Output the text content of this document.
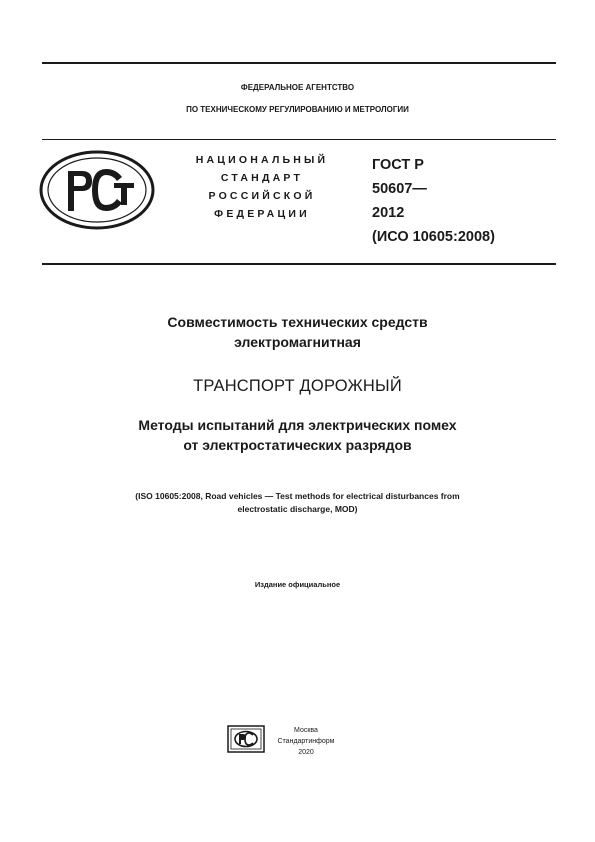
ФЕДЕРАЛЬНОЕ АГЕНТСТВО
ПО ТЕХНИЧЕСКОМУ РЕГУЛИРОВАНИЮ И МЕТРОЛОГИИ
НАЦИОНАЛЬНЫЙ
СТАНДАРТ
РОССИЙСКОЙ
ФЕДЕРАЦИИ
ГОСТ Р
50607—
2012
(ИСО 10605:2008)
Совместимость технических средств
электромагнитная
ТРАНСПОРТ ДОРОЖНЫЙ
Методы испытаний для электрических помех
от электростатических разрядов
(ISO 10605:2008, Road vehicles — Test methods for electrical disturbances from
electrostatic discharge, MOD)
Издание официальное
Москва
Стандартинформ
2020
